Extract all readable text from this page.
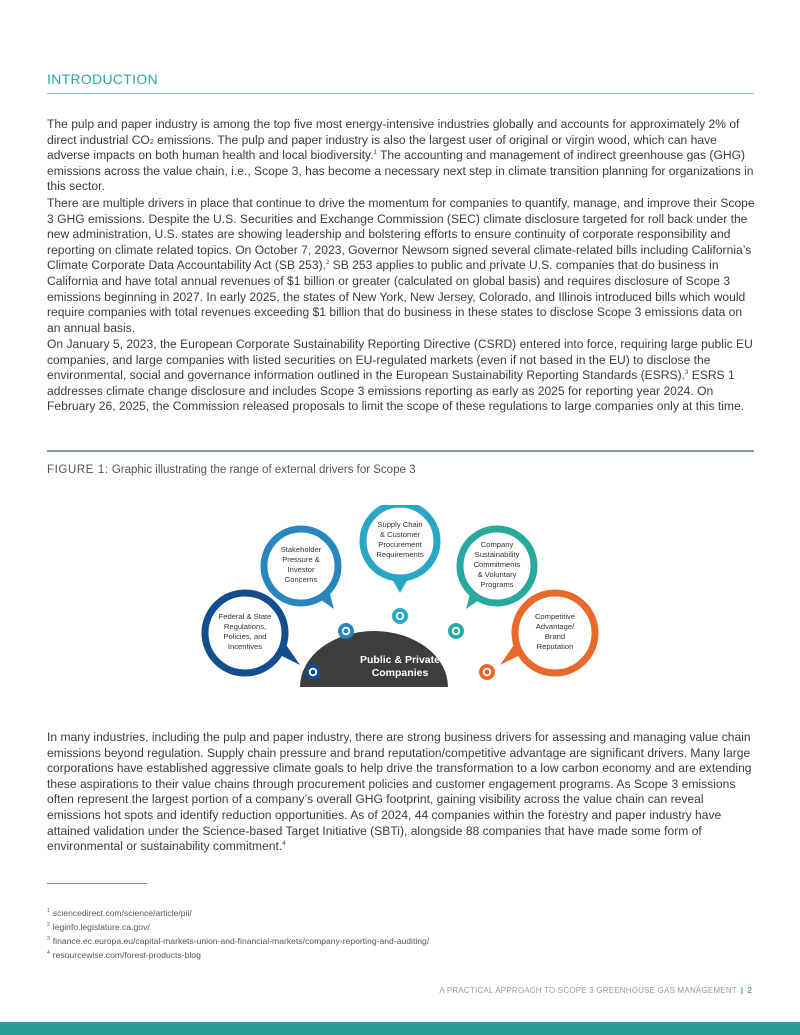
INTRODUCTION

The pulp and paper industry is among the top five most energy-intensive industries globally and accounts for approximately 2% of direct industrial CO2 emissions. The pulp and paper industry is also the largest user of original or virgin wood, which can have adverse impacts on both human health and local biodiversity.$^1$ The accounting and management of indirect greenhouse gas (GHG) emissions across the value chain, i.e., Scope 3, has become a necessary next step in climate transition planning for organizations in this sector.

There are multiple drivers in place that continue to drive the momentum for companies to quantify, manage, and improve their Scope 3 GHG emissions. Despite the U.S. Securities and Exchange Commission (SEC) climate disclosure targeted for roll back under the new administration, U.S. states are showing leadership and bolstering efforts to ensure continuity of corporate responsibility and reporting on climate related topics. On October 7, 2023, Governor Newsom signed several climate-related bills including California’s Climate Corporate Data Accountability Act (SB 253).$^2$ SB 253 applies to public and private U.S. companies that do business in California and have total annual revenues of $1 billion or greater (calculated on global basis) and requires disclosure of Scope 3 emissions beginning in 2027. In early 2025, the states of New York, New Jersey, Colorado, and Illinois introduced bills which would require companies with total revenues exceeding $1 billion that do business in these states to disclose Scope 3 emissions data on an annual basis.

On January 5, 2023, the European Corporate Sustainability Reporting Directive (CSRD) entered into force, requiring large public EU companies, and large companies with listed securities on EU-regulated markets (even if not based in the EU) to disclose the environmental, social and governance information outlined in the European Sustainability Reporting Standards (ESRS).$^3$ ESRS 1 addresses climate change disclosure and includes Scope 3 emissions reporting as early as 2025 for reporting year 2024. On February 26, 2025, the Commission released proposals to limit the scope of these regulations to large companies only at this time.

FIGURE 1: Graphic illustrating the range of external drivers for Scope 3
Public & Private
Companies
Federal & State Regulations, Policies, and Incentives
Stakeholder Pressure & Investor Concerns
Supply Chain & Customer Procurement Requirements
Company Sustainability Commitments & Voluntary Programs
Competitive Advantage/ Brand Reputation

In many industries, including the pulp and paper industry, there are strong business drivers for assessing and managing value chain emissions beyond regulation. Supply chain pressure and brand reputation/competitive advantage are significant drivers. Many large corporations have established aggressive climate goals to help drive the transformation to a low carbon economy and are extending these aspirations to their value chains through procurement policies and customer engagement programs. As Scope 3 emissions often represent the largest portion of a company’s overall GHG footprint, gaining visibility across the value chain can reveal emissions hot spots and identify reduction opportunities. As of 2024, 44 companies within the forestry and paper industry have attained validation under the Science-based Target Initiative (SBTi), alongside 88 companies that have made some form of environmental or sustainability commitment.$^4$

$^1$ sciencedirect.com/science/article/pii/
$^2$ leginfo.legislature.ca.gov/
$^3$ finance.ec.europa.eu/capital-markets-union-and-financial-markets/company-reporting-and-auditing/
$^4$ resourcewise.com/forest-products-blog
A PRACTICAL APPROACH TO SCOPE 3 GREENHOUSE GAS MANAGEMENT | 2
